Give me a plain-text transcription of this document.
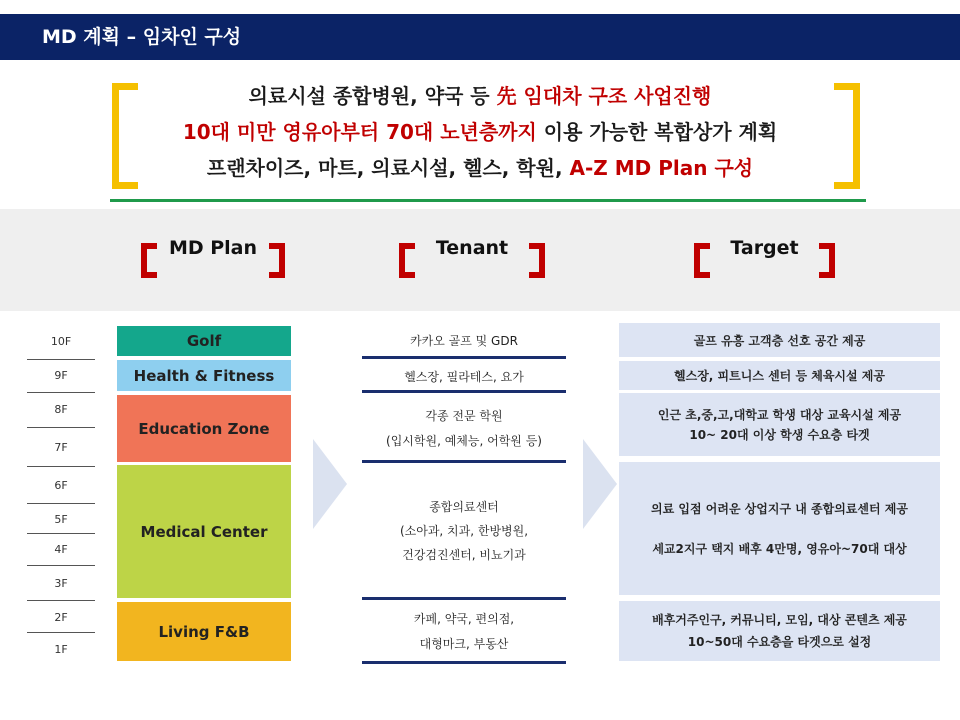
MD 계획 – 임차인 구성
의료시설 종합병원, 약국 등 先 임대차 구조 사업진행
10대 미만 영유아부터 70대 노년층까지 이용 가능한 복합상가 계획
프랜차이즈, 마트, 의료시설, 헬스, 학원, A-Z MD Plan 구성
MD Plan	Tenant	Target
10F
9F
8F
7F
6F
5F
4F
3F
2F
1F
Golf
Health & Fitness
Education Zone
Medical Center
Living F&B
카카오 골프 및 GDR
헬스장, 필라테스, 요가
각종 전문 학원
(입시학원, 예체능, 어학원 등)
종합의료센터
(소아과, 치과, 한방병원,
건강검진센터, 비뇨기과
카페, 약국, 편의점,
대형마크, 부동산
골프 유흥 고객층 선호 공간 제공
헬스장, 피트니스 센터 등 체육시설 제공
인근 초,중,고,대학교 학생 대상 교육시설 제공
10~ 20대 이상 학생 수요층 타겟
의료 입점 어려운 상업지구 내 종합의료센터 제공
세교2지구 택지 배후 4만명, 영유아~70대 대상
배후거주인구, 커뮤니티, 모임, 대상 콘텐츠 제공
10~50대 수요층을 타겟으로 설정
